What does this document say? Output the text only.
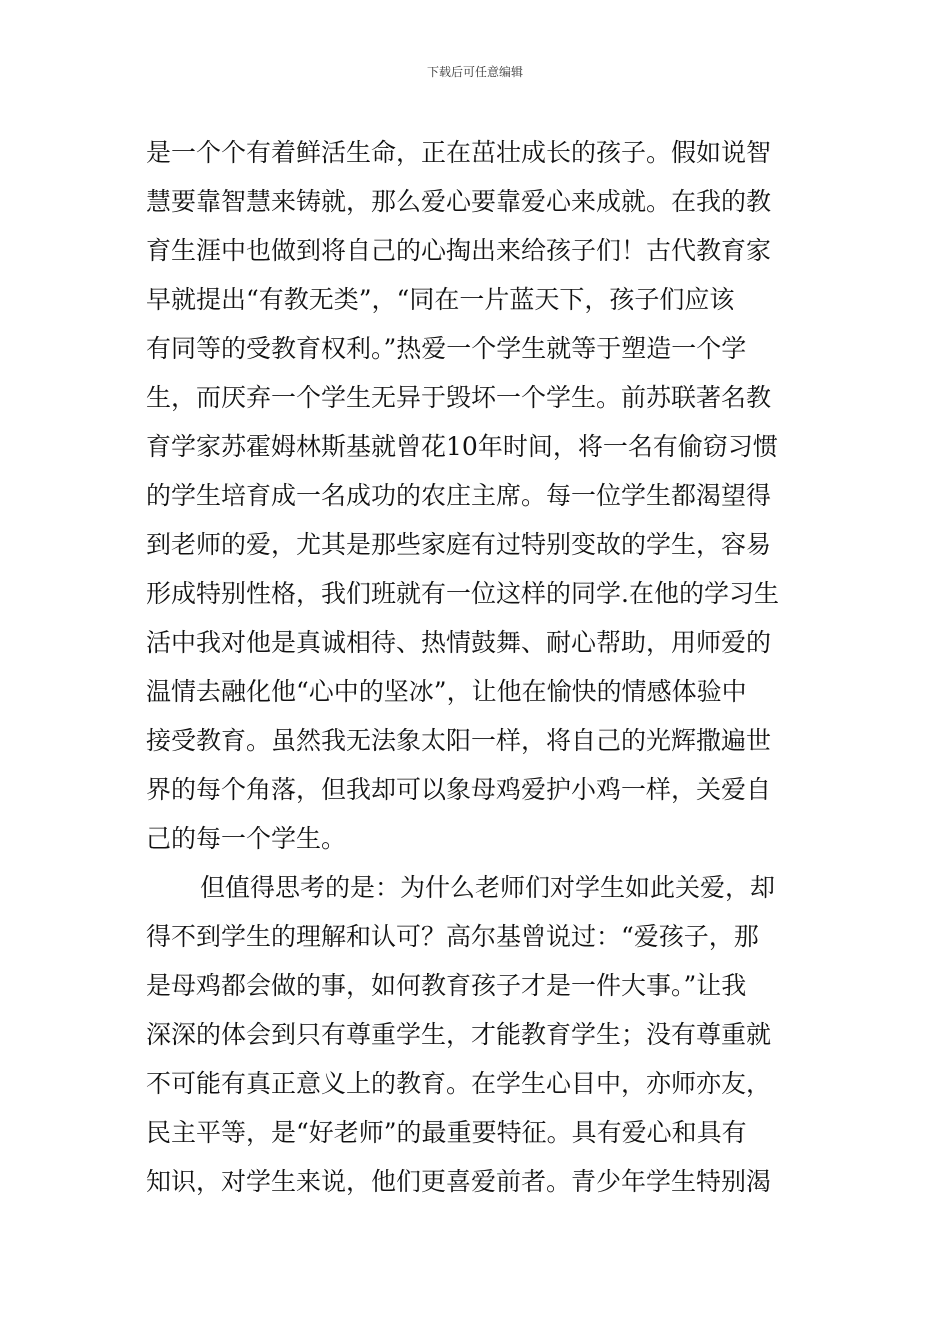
下载后可任意编辑
是一个个有着鲜活生命，正在茁壮成长的孩子。假如说智
慧要靠智慧来铸就，那么爱心要靠爱心来成就。在我的教
育生涯中也做到将自己的心掏出来给孩子们！古代教育家
早就提出“有教无类”，“同在一片蓝天下，孩子们应该
有同等的受教育权利。”热爱一个学生就等于塑造一个学
生，而厌弃一个学生无异于毁坏一个学生。前苏联著名教
育学家苏霍姆林斯基就曾花10年时间，将一名有偷窃习惯
的学生培育成一名成功的农庄主席。每一位学生都渴望得
到老师的爱，尤其是那些家庭有过特别变故的学生，容易
形成特别性格，我们班就有一位这样的同学.在他的学习生
活中我对他是真诚相待、热情鼓舞、耐心帮助，用师爱的
温情去融化他“心中的坚冰”，让他在愉快的情感体验中
接受教育。虽然我无法象太阳一样，将自己的光辉撒遍世
界的每个角落，但我却可以象母鸡爱护小鸡一样，关爱自
己的每一个学生。
但值得思考的是：为什么老师们对学生如此关爱，却
得不到学生的理解和认可？高尔基曾说过：“爱孩子，那
是母鸡都会做的事，如何教育孩子才是一件大事。”让我
深深的体会到只有尊重学生，才能教育学生；没有尊重就
不可能有真正意义上的教育。在学生心目中，亦师亦友，
民主平等，是“好老师”的最重要特征。具有爱心和具有
知识，对学生来说，他们更喜爱前者。青少年学生特别渴
